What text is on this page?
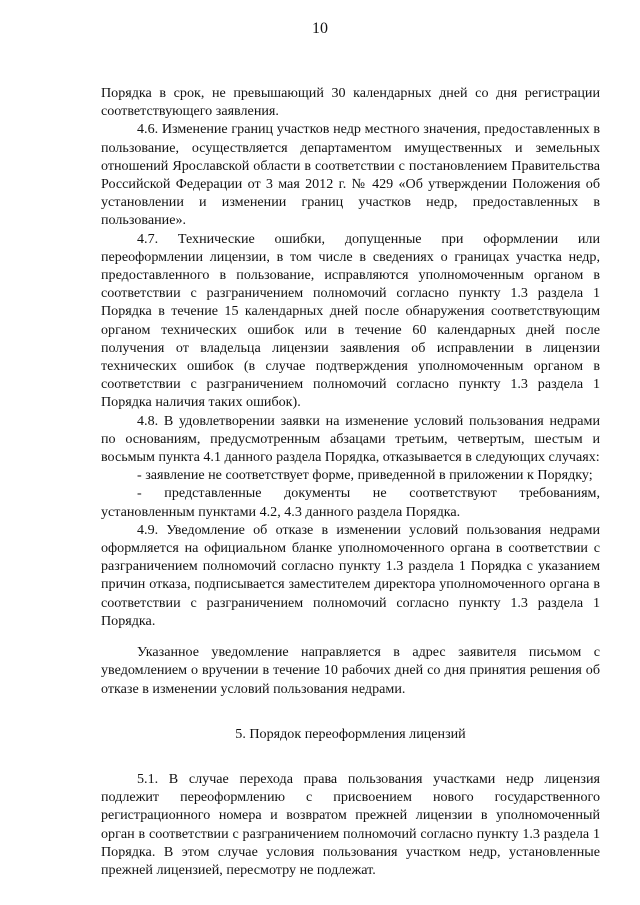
10

Порядка в срок, не превышающий 30 календарных дней со дня регистрации соответствующего заявления.

4.6. Изменение границ участков недр местного значения, предоставленных в пользование, осуществляется департаментом имущественных и земельных отношений Ярославской области в соответствии с постановлением Правительства Российской Федерации от 3 мая 2012 г. № 429 «Об утверждении Положения об установлении и изменении границ участков недр, предоставленных в пользование».

4.7. Технические ошибки, допущенные при оформлении или переоформлении лицензии, в том числе в сведениях о границах участка недр, предоставленного в пользование, исправляются уполномоченным органом в соответствии с разграничением полномочий согласно пункту 1.3 раздела 1 Порядка в течение 15 календарных дней после обнаружения соответствующим органом технических ошибок или в течение 60 календарных дней после получения от владельца лицензии заявления об исправлении в лицензии технических ошибок (в случае подтверждения уполномоченным органом в соответствии с разграничением полномочий согласно пункту 1.3 раздела 1 Порядка наличия таких ошибок).

4.8. В удовлетворении заявки на изменение условий пользования недрами по основаниям, предусмотренным абзацами третьим, четвертым, шестым и восьмым пункта 4.1 данного раздела Порядка, отказывается в следующих случаях:

- заявление не соответствует форме, приведенной в приложении к Порядку;

- представленные документы не соответствуют требованиям, установленным пунктами 4.2, 4.3 данного раздела Порядка.

4.9. Уведомление об отказе в изменении условий пользования недрами оформляется на официальном бланке уполномоченного органа в соответствии с разграничением полномочий согласно пункту 1.3 раздела 1 Порядка с указанием причин отказа, подписывается заместителем директора уполномоченного органа в соответствии с разграничением полномочий согласно пункту 1.3 раздела 1 Порядка.

Указанное уведомление направляется в адрес заявителя письмом с уведомлением о вручении в течение 10 рабочих дней со дня принятия решения об отказе в изменении условий пользования недрами.

5. Порядок переоформления лицензий

5.1. В случае перехода права пользования участками недр лицензия подлежит переоформлению с присвоением нового государственного регистрационного номера и возвратом прежней лицензии в уполномоченный орган в соответствии с разграничением полномочий согласно пункту 1.3 раздела 1 Порядка. В этом случае условия пользования участком недр, установленные прежней лицензией, пересмотру не подлежат.
